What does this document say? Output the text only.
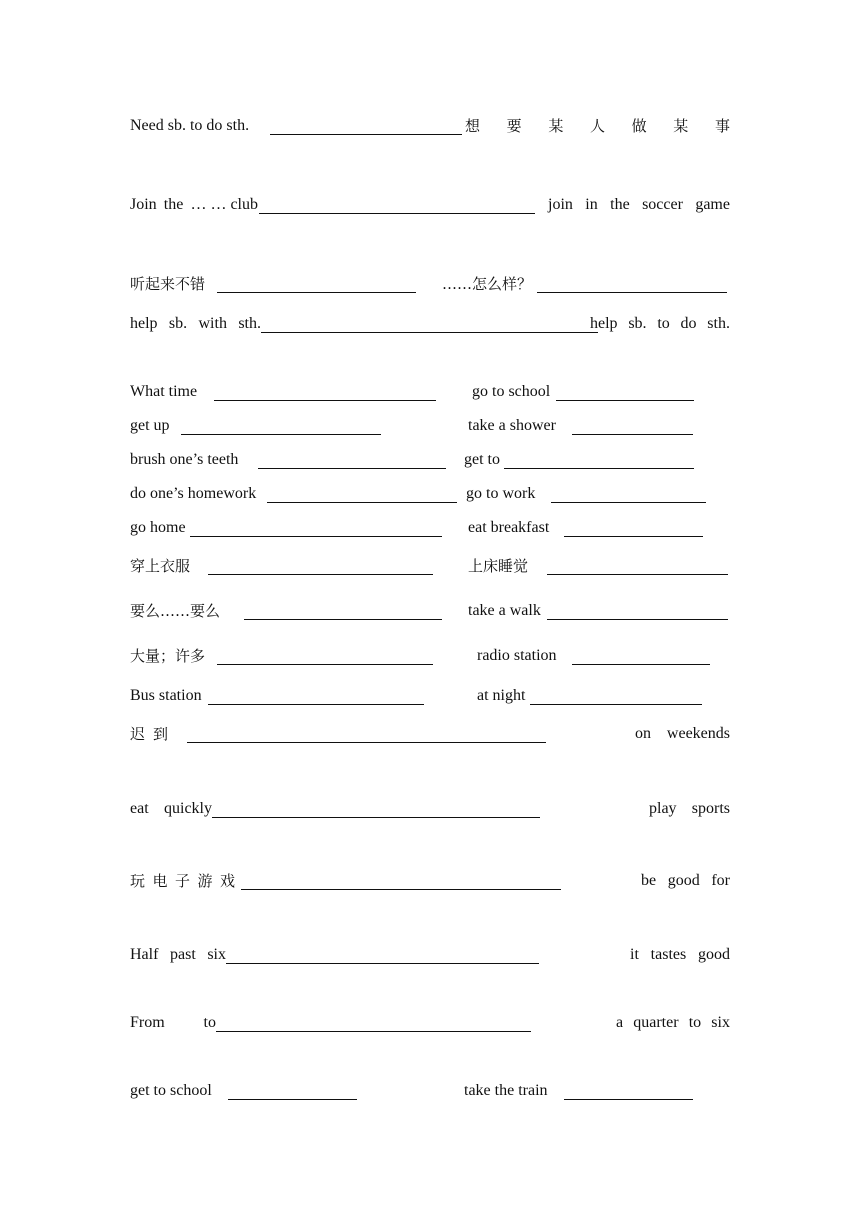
Need sb. to do sth.	想 要 某 人 做 某 事
Join the … … club	join in the soccer game
听起来不错	……怎么样？
help sb. with sth.	help sb. to do sth.
What time	go to school
get up	take a shower
brush one’s teeth	get to
do one’s homework	go to work
go home	eat breakfast
穿上衣服	上床睡觉
要么……要么	take a walk
大量；许多	radio station
Bus station	at night
迟 到	on weekends
eat quickly	play sports
玩 电 子 游 戏	be good for
Half past six	it tastes good
From to	a quarter to six
get to school	take the train
